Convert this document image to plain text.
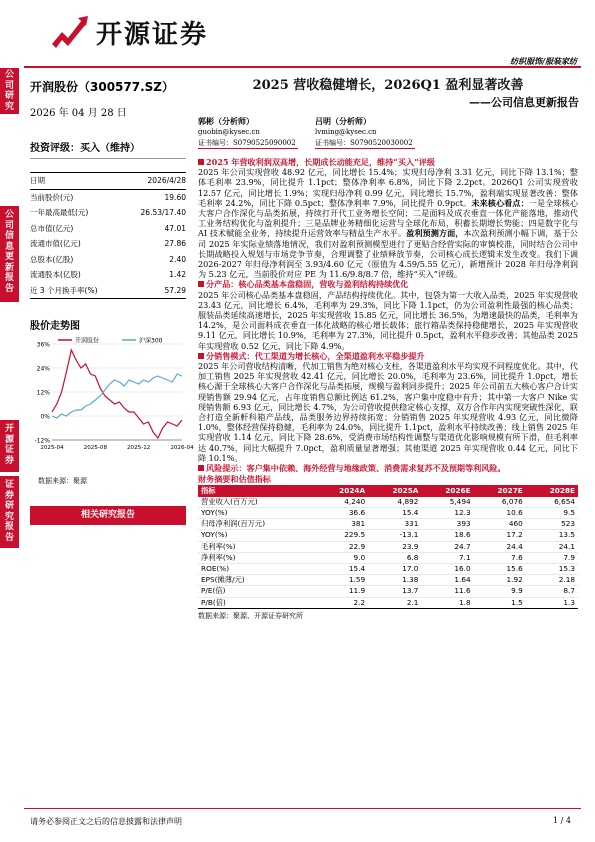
公
司
研
究
公
司
信
息
更
新
报
告
开
源
证
券
证
券
研
究
报
告
开源证券
纺织服饰/服装家纺
开润股份（300577.SZ）
2026 年 04 月 28 日
投资评级：买入（维持）
日期	2026/4/28
当前股价(元)	19.60
一年最高最低(元)	26.53/17.40
总市值(亿元)	47.01
流通市值(亿元)	27.86
总股本(亿股)	2.40
流通股本(亿股)	1.42
近 3 个月换手率(%)	57.29
股价走势图
36%
24%
12%
0%
-12%
2025-04	2025-08	2025-12	2026-04
开润股份	沪深300
数据来源：聚源
相关研究报告
2025 营收稳健增长，2026Q1 盈利显著改善
——公司信息更新报告
郭彬（分析师）
guobin@kysec.cn
证书编号：S0790525090002
吕明（分析师）
lvming@kysec.cn
证书编号：S0790520030002

2025 年营收利润双高增，长期成长动能充足，维持“买入”评级

2025 年公司实现营收 48.92 亿元，同比增长 15.4%；实现归母净利 3.31 亿元，同比下降 13.1%；整体毛利率 23.9%，同比提升 1.1pct；整体净利率 6.8%，同比下降 2.2pct。2026Q1 公司实现营收 12.57 亿元，同比增长 1.9%；实现归母净利 0.99 亿元，同比增长 15.7%，盈利端实现显著改善：整体毛利率 24.2%，同比下降 0.5pct；整体净利率 7.9%，同比提升 0.9pct。未来核心看点：一是全球核心大客户合作深化与品类拓展，持续打开代工业务增长空间；二是面料及成衣垂直一体化产能落地，推动代工业务结构优化与盈利提升；三是品牌业务精细化运营与全球化布局，积蓄长期增长势能；四是数字化与 AI 技术赋能全业务，持续提升运营效率与精益生产水平。盈利预测方面，本次盈利预测小幅下调，基于公司 2025 年实际业绩落地情况，我们对盈利预测模型进行了更贴合经营实际的审慎校准，同时结合公司中长期战略投入规划与市场竞争节奏，合理调整了业绩释放节奏，公司核心成长逻辑未发生改变。我们下调 2026-2027 年归母净利润至 3.93/4.60 亿元（原值为 4.59/5.55 亿元），新增预计 2028 年归母净利润为 5.23 亿元，当前股价对应 PE 为 11.6/9.8/8.7 倍，维持“买入”评级。

分产品：核心品类基本盘稳固，营收与盈利结构持续优化

2025 年公司核心品类基本盘稳固，产品结构持续优化。其中，包袋为第一大收入品类，2025 年实现营收 23.43 亿元，同比增长 6.4%，毛利率为 29.3%，同比下降 1.1pct，仍为公司盈利性最强的核心品类；服装品类延续高速增长，2025 年实现营收 15.85 亿元，同比增长 36.5%，为增速最快的品类，毛利率为 14.2%，是公司面料成衣垂直一体化战略的核心增长载体；旅行箱品类保持稳健增长，2025 年实现营收 9.11 亿元，同比增长 10.9%，毛利率为 27.3%，同比提升 0.5pct，盈利水平稳步改善；其他品类 2025 年实现营收 0.52 亿元，同比下降 4.9%。

分销售模式：代工渠道为增长核心，全渠道盈利水平稳步提升

2025 年公司营收结构清晰，代加工销售为绝对核心支柱，各渠道盈利水平均实现不同程度优化。其中，代加工销售 2025 年实现营收 42.41 亿元，同比增长 20.0%，毛利率为 23.6%，同比提升 1.0pct，增长核心源于全球核心大客户合作深化与品类拓展，规模与盈利同步提升；2025 年公司前五大核心客户合计实现销售额 29.94 亿元，占年度销售总额比例达 61.2%，客户集中度稳中有升；其中第一大客户 Nike 实现销售额 6.93 亿元，同比增长 4.7%，为公司营收提供稳定核心支撑，双方合作年内实现突破性深化，联合打造全新軒科箱产品线，品类服务边界持续拓宽；分销销售 2025 年实现营收 4.93 亿元，同比微降 1.0%，整体经营保持稳健，毛利率为 24.0%，同比提升 1.1pct，盈利水平持续改善；线上销售 2025 年实现营收 1.14 亿元，同比下降 28.6%，受消费市场结构性调整与渠道优化影响规模有所下滑，但毛利率达 40.7%，同比大幅提升 7.0pct，盈利质量显著增强；其他渠道 2025 年实现营收 0.44 亿元，同比下降 10.1%。

风险提示：客户集中依赖、海外经营与地缘政策、消费需求复苏不及预期等利风险。

财务摘要和估值指标
指标	2024A	2025A	2026E	2027E	2028E
营业收入(百万元)	4,240	4,892	5,494	6,076	6,654
YOY(%)	36.6	15.4	12.3	10.6	9.5
归母净利润(百万元)	381	331	393	460	523
YOY(%)	229.5	-13.1	18.6	17.2	13.5
毛利率(%)	22.9	23.9	24.7	24.4	24.1
净利率(%)	9.0	6.8	7.1	7.6	7.9
ROE(%)	15.4	17.0	16.0	15.6	15.3
EPS(摊薄/元)	1.59	1.38	1.64	1.92	2.18
P/E(倍)	11.9	13.7	11.6	9.9	8.7
P/B(倍)	2.2	2.1	1.8	1.5	1.3
数据来源：聚源、开源证券研究所
请务必参阅正文之后的信息披露和法律声明	1 / 4
